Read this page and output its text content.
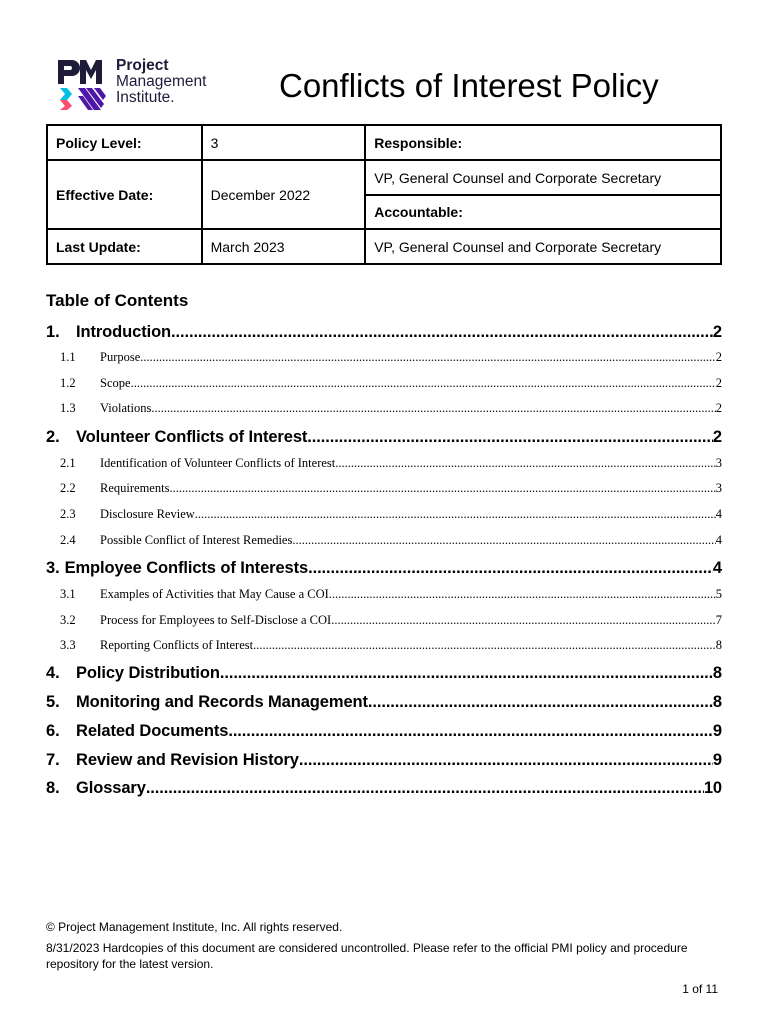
Project
Management
Institute.	Conflicts of Interest Policy
Policy Level:	3	Responsible:
Effective Date:	December 2022	VP, General Counsel and Corporate Secretary
		Accountable:
Last Update:	March 2023	VP, General Counsel and Corporate Secretary
Table of Contents
1. Introduction .....	2
1.1 Purpose .....	2
1.2 Scope .....	2
1.3 Violations .....	2
2. Volunteer Conflicts of Interest .....	2
2.1 Identification of Volunteer Conflicts of Interest .....	3
2.2 Requirements .....	3
2.3 Disclosure Review .....	4
2.4 Possible Conflict of Interest Remedies .....	4
3. Employee Conflicts of Interests .....	4
3.1 Examples of Activities that May Cause a COI .....	5
3.2 Process for Employees to Self-Disclose a COI .....	7
3.3 Reporting Conflicts of Interest .....	8
4. Policy Distribution .....	8
5. Monitoring and Records Management .....	8
6. Related Documents .....	9
7. Review and Revision History .....	9
8. Glossary .....	10
© Project Management Institute, Inc. All rights reserved.
8/31/2023 Hardcopies of this document are considered uncontrolled. Please refer to the official PMI policy and procedure repository for the latest version.
1 of 11
